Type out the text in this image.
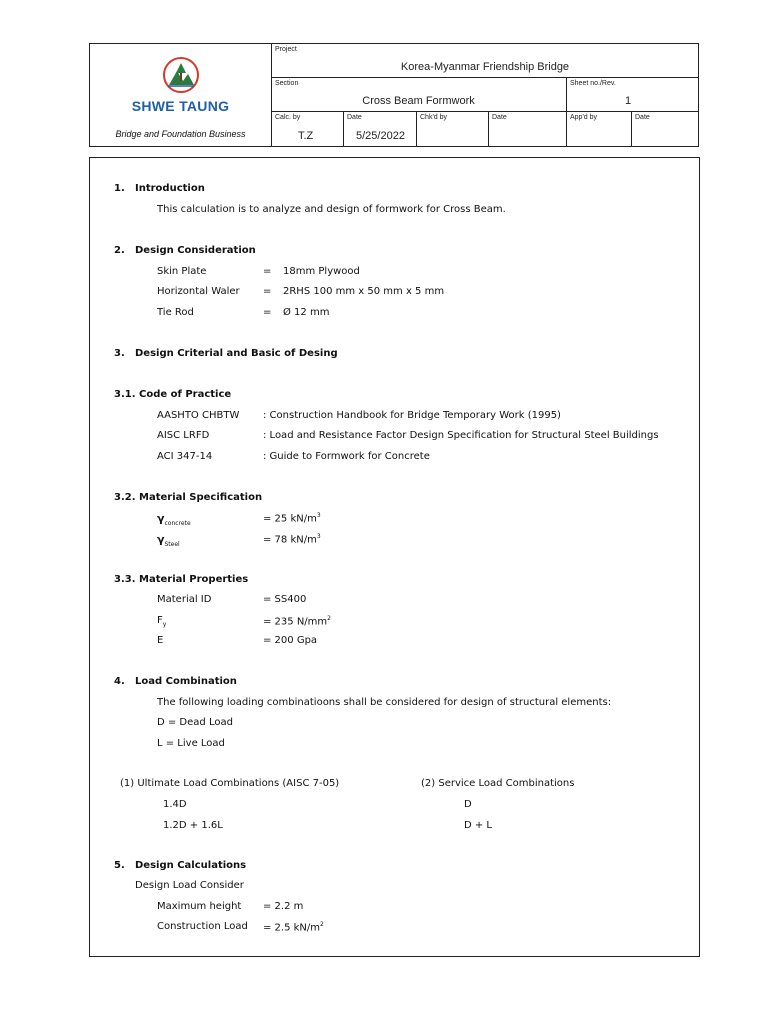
SHWE TAUNG
Bridge and Foundation Business
Project
Korea-Myanmar Friendship Bridge
Section
Cross Beam Formwork
Sheet no./Rev.
1
Calc. by
T.Z
Date
5/25/2022
Chk'd by	Date	App'd by	Date
1. Introduction
This calculation is to analyze and design of formwork for Cross Beam.
2. Design Consideration
Skin Plate	= 18mm Plywood
Horizontal Waler = 2RHS 100 mm x 50 mm x 5 mm
Tie Rod	= Ø 12 mm
3. Design Criterial and Basic of Desing
3.1. Code of Practice
AASHTO CHBTW : Construction Handbook for Bridge Temporary Work (1995)
AISC LRFD	: Load and Resistance Factor Design Specification for Structural Steel Buildings
ACI 347-14	: Guide to Formwork for Concrete
3.2. Material Specification
$\gamma_{concrete}$	= 25 $kN/m^3$
$\gamma_{Steel}$	= 78 $kN/m^3$
3.3. Material Properties
Material ID	= SS400
$F_y$	= 235 $N/mm^2$
E	= 200 Gpa
4. Load Combination
The following loading combinatioons shall be considered for design of structural elements:
D = Dead Load
L = Live Load
(1) Ultimate Load Combinations (AISC 7-05)	(2) Service Load Combinations
1.4D	D
1.2D + 1.6L	D + L
5. Design Calculations
Design Load Consider
Maximum height = 2.2 m
Construction Load = 2.5 $kN/m^2$
